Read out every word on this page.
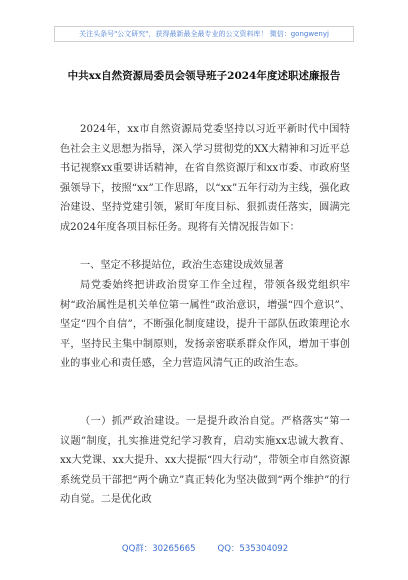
关注头条号"公文研究"，获得最新最全最专业的公文资料库！ 微信：gongwenyj
中共xx自然资源局委员会领导班子2024年度述职述廉报告
2024年，xx市自然资源局党委坚持以习近平新时代中国特色社会主义思想为指导，深入学习贯彻党的XX大精神和习近平总书记视察xx重要讲话精神，在省自然资源厅和xx市委、市政府坚强领导下，按照“xx”工作思路，以“xx”五年行动为主线，强化政治建设、坚持党建引领，紧盯年度目标、狠抓责任落实，圆满完成2024年度各项目标任务。现将有关情况报告如下：
一、坚定不移提站位，政治生态建设成效显著
局党委始终把讲政治贯穿工作全过程，带领各级党组织牢树“政治属性是机关单位第一属性”政治意识，增强“四个意识”、坚定“四个自信”，不断强化制度建设，提升干部队伍政策理论水平，坚持民主集中制原则，发扬亲密联系群众作风，增加干事创业的事业心和责任感，全力营造风清气正的政治生态。
（一）抓严政治建设。一是提升政治自觉。严格落实“第一议题”制度，扎实推进党纪学习教育，启动实施xx忠诚大教育、xx大党课、xx大提升、xx大提振“四大行动”，带领全市自然资源系统党员干部把“两个确立”真正转化为坚决做到“两个维护”的行动自觉。二是优化政
QQ群：30265665	QQ：535304092
